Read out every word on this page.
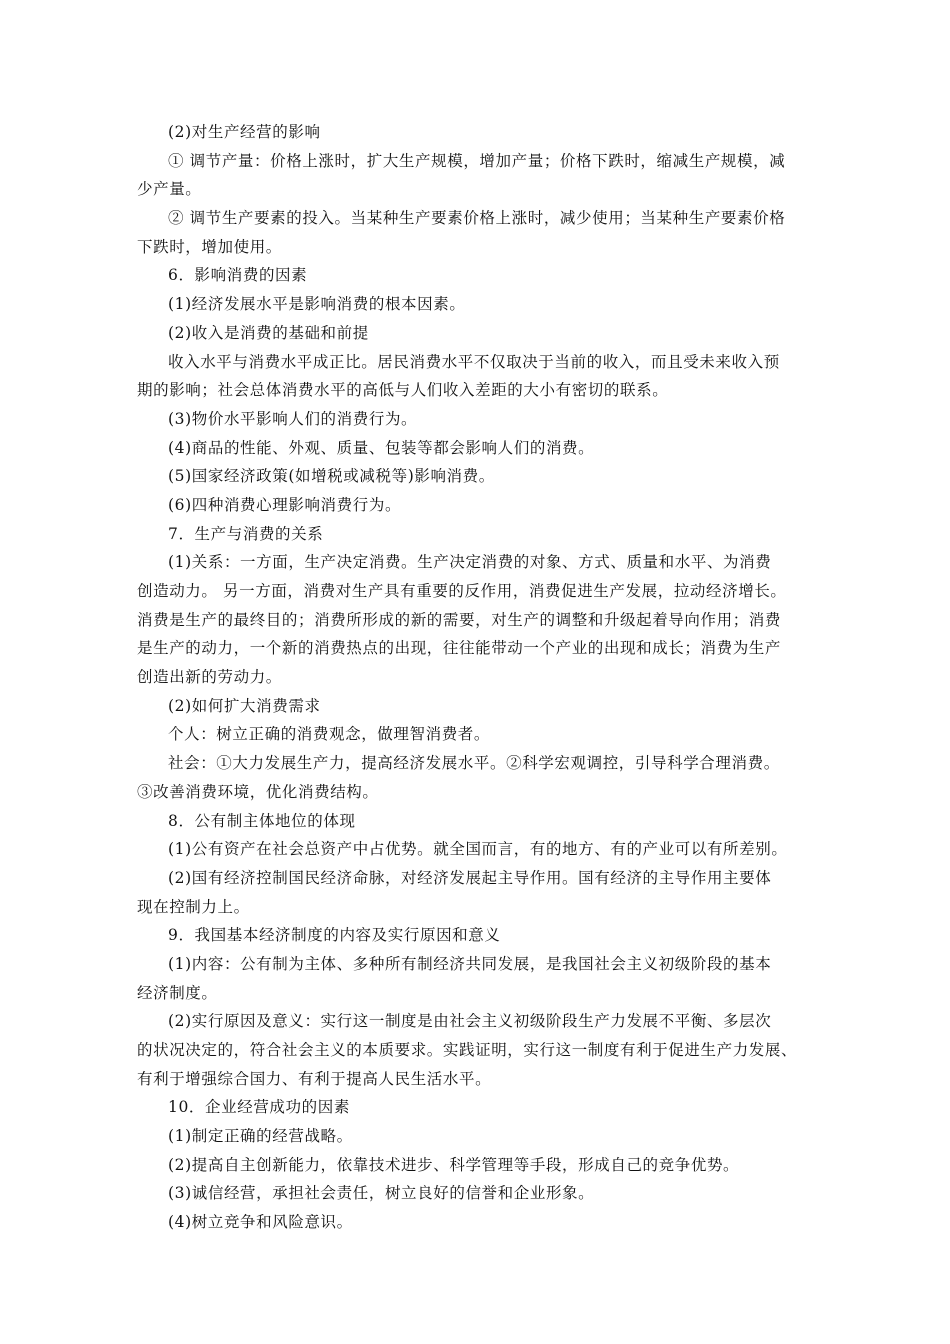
(2)对生产经营的影响
① 调节产量：价格上涨时，扩大生产规模，增加产量；价格下跌时，缩减生产规模，减
少产量。
② 调节生产要素的投入。当某种生产要素价格上涨时，减少使用；当某种生产要素价格
下跌时，增加使用。
6．影响消费的因素
(1)经济发展水平是影响消费的根本因素。
(2)收入是消费的基础和前提
收入水平与消费水平成正比。居民消费水平不仅取决于当前的收入，而且受未来收入预
期的影响；社会总体消费水平的高低与人们收入差距的大小有密切的联系。
(3)物价水平影响人们的消费行为。
(4)商品的性能、外观、质量、包装等都会影响人们的消费。
(5)国家经济政策(如增税或减税等)影响消费。
(6)四种消费心理影响消费行为。
7．生产与消费的关系
(1)关系：一方面，生产决定消费。生产决定消费的对象、方式、质量和水平、为消费
创造动力。 另一方面，消费对生产具有重要的反作用，消费促进生产发展，拉动经济增长。
消费是生产的最终目的；消费所形成的新的需要，对生产的调整和升级起着导向作用；消费
是生产的动力，一个新的消费热点的出现，往往能带动一个产业的出现和成长；消费为生产
创造出新的劳动力。
(2)如何扩大消费需求
个人：树立正确的消费观念，做理智消费者。
社会：①大力发展生产力，提高经济发展水平。②科学宏观调控，引导科学合理消费。
③改善消费环境，优化消费结构。
8．公有制主体地位的体现
(1)公有资产在社会总资产中占优势。就全国而言，有的地方、有的产业可以有所差别。
(2)国有经济控制国民经济命脉，对经济发展起主导作用。国有经济的主导作用主要体
现在控制力上。
9．我国基本经济制度的内容及实行原因和意义
(1)内容：公有制为主体、多种所有制经济共同发展，是我国社会主义初级阶段的基本
经济制度。
(2)实行原因及意义：实行这一制度是由社会主义初级阶段生产力发展不平衡、多层次
的状况决定的，符合社会主义的本质要求。实践证明，实行这一制度有利于促进生产力发展、
有利于增强综合国力、有利于提高人民生活水平。
10．企业经营成功的因素
(1)制定正确的经营战略。
(2)提高自主创新能力，依靠技术进步、科学管理等手段，形成自己的竞争优势。
(3)诚信经营，承担社会责任，树立良好的信誉和企业形象。
(4)树立竞争和风险意识。
